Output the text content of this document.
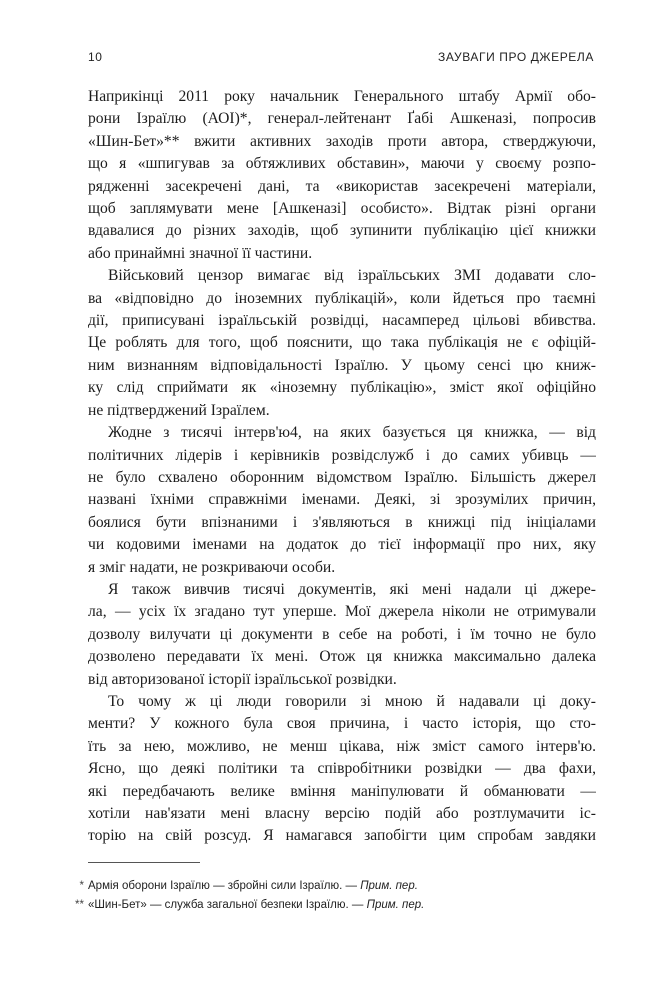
10	ЗАУВАГИ ПРО ДЖЕРЕЛА
Наприкінці 2011 року начальник Генерального штабу Армії обо-
рони Ізраїлю (АОІ)*, генерал-лейтенант Ґабі Ашкеназі, попросив
«Шин-Бет»** вжити активних заходів проти автора, стверджуючи,
що я «шпигував за обтяжливих обставин», маючи у своєму розпо-
рядженні засекречені дані, та «використав засекречені матеріали,
щоб заплямувати мене [Ашкеназі] особисто». Відтак різні органи
вдавалися до різних заходів, щоб зупинити публікацію цієї книжки
або принаймні значної її частини.
Військовий цензор вимагає від ізраїльських ЗМІ додавати сло-
ва «відповідно до іноземних публікацій», коли йдеться про таємні
дії, приписувані ізраїльській розвідці, насамперед цільові вбивства.
Це роблять для того, щоб пояснити, що така публікація не є офіцій-
ним визнанням відповідальності Ізраїлю. У цьому сенсі цю книж-
ку слід сприймати як «іноземну публікацію», зміст якої офіційно
не підтверджений Ізраїлем.
Жодне з тисячі інтерв'ю4, на яких базується ця книжка, — від
політичних лідерів і керівників розвідслужб і до самих убивць —
не було схвалено оборонним відомством Ізраїлю. Більшість джерел
названі їхніми справжніми іменами. Деякі, зі зрозумілих причин,
боялися бути впізнаними і з'являються в книжці під ініціалами
чи кодовими іменами на додаток до тієї інформації про них, яку
я зміг надати, не розкриваючи особи.
Я також вивчив тисячі документів, які мені надали ці джере-
ла, — усіх їх згадано тут уперше. Мої джерела ніколи не отримували
дозволу вилучати ці документи в себе на роботі, і їм точно не було
дозволено передавати їх мені. Отож ця книжка максимально далека
від авторизованої історії ізраїльської розвідки.
То чому ж ці люди говорили зі мною й надавали ці доку-
менти? У кожного була своя причина, і часто історія, що сто-
їть за нею, можливо, не менш цікава, ніж зміст самого інтерв'ю.
Ясно, що деякі політики та співробітники розвідки — два фахи,
які передбачають велике вміння маніпулювати й обманювати —
хотіли нав'язати мені власну версію подій або розтлумачити іс-
торію на свій розсуд. Я намагався запобігти цим спробам завдяки
* Армія оборони Ізраїлю — збройні сили Ізраїлю. — Прим. пер.
** «Шин-Бет» — служба загальної безпеки Ізраїлю. — Прим. пер.
